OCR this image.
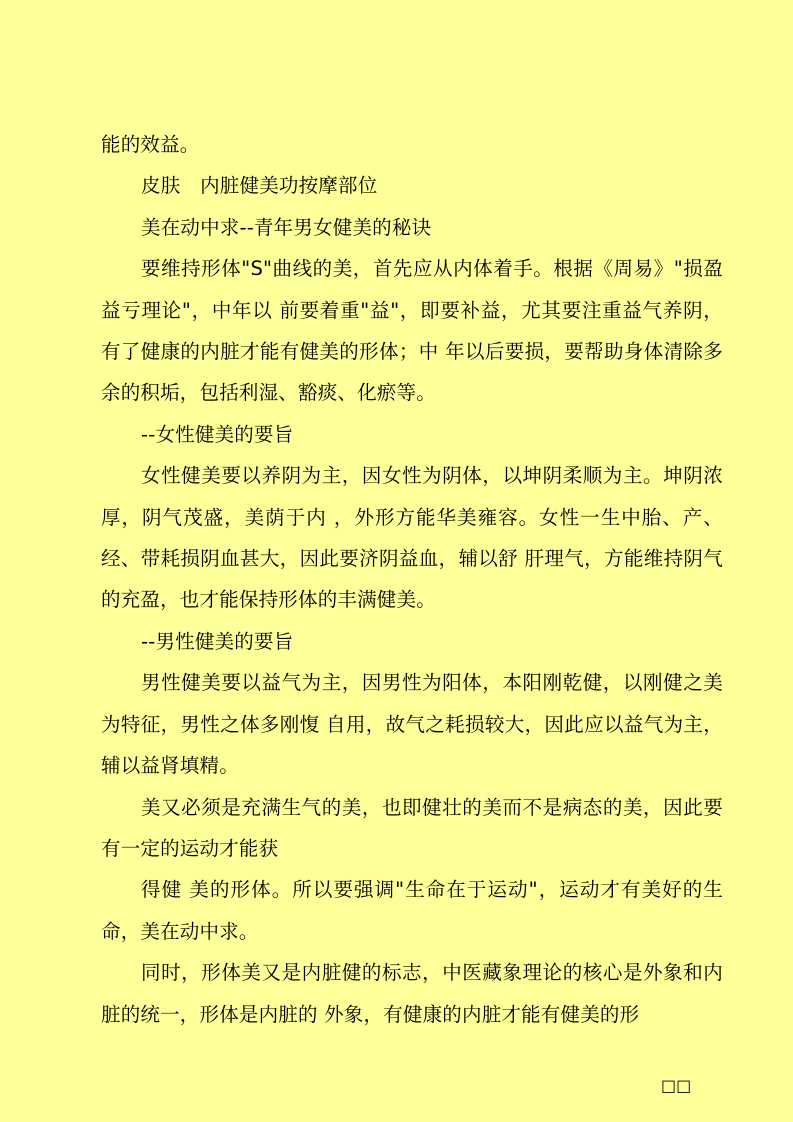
能的效益。

皮肤　内脏健美功按摩部位

美在动中求--青年男女健美的秘诀

要维持形体"S"曲线的美，首先应从内体着手。根据《周易》"损盈益亏理论"，中年以 前要着重"益"，即要补益，尤其要注重益气养阴，有了健康的内脏才能有健美的形体；中 年以后要损，要帮助身体清除多余的积垢，包括利湿、豁痰、化瘀等。

--女性健美的要旨

女性健美要以养阴为主，因女性为阴体，以坤阴柔顺为主。坤阴浓厚，阴气茂盛，美荫于内 ，外形方能华美雍容。女性一生中胎、产、经、带耗损阴血甚大，因此要济阴益血，辅以舒 肝理气，方能维持阴气的充盈，也才能保持形体的丰满健美。

--男性健美的要旨

男性健美要以益气为主，因男性为阳体，本阳刚乾健，以刚健之美为特征，男性之体多刚愎 自用，故气之耗损较大，因此应以益气为主，辅以益肾填精。

美又必须是充满生气的美，也即健壮的美而不是病态的美，因此要有一定的运动才能获

得健 美的形体。所以要强调"生命在于运动"，运动才有美好的生命，美在动中求。

同时，形体美又是内脏健的标志，中医藏象理论的核心是外象和内脏的统一，形体是内脏的 外象，有健康的内脏才能有健美的形

□□
